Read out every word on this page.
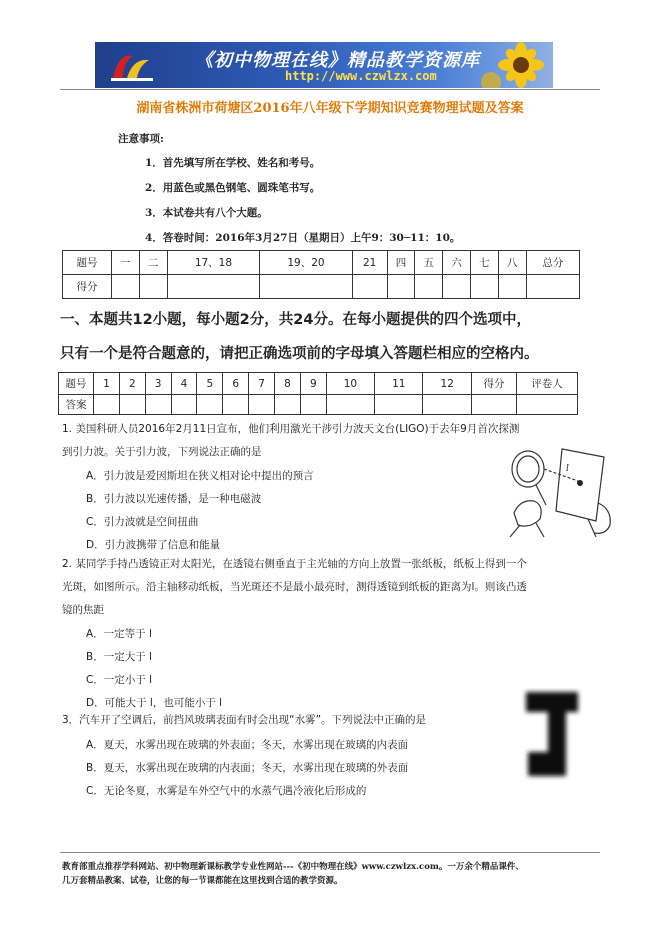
《初中物理在线》精品教学资源库
http://www.czwlzx.com
湖南省株洲市荷塘区2016年八年级下学期知识竞赛物理试题及答案
注意事项:
1．首先填写所在学校、姓名和考号。
2．用蓝色或黑色钢笔、圆珠笔书写。
3．本试卷共有八个大题。
4．答卷时间：2016年3月27日（星期日）上午9：30─11：10。
题号	一	二	17、18	19、20	21	四	五	六	七	八	总分
得分											
一、本题共12小题，每小题2分，共24分。在每小题提供的四个选项中，
只有一个是符合题意的，请把正确选项前的字母填入答题栏相应的空格内。
题号	1	2	3	4	5	6	7	8	9	10	11	12	得分	评卷人
答案														
1. 美国科研人员2016年2月11日宣布，他们利用激光干涉引力波天文台(LIGO)于去年9月首次探测
到引力波。关于引力波，下列说法正确的是
A．引力波是爱因斯坦在狭义相对论中提出的预言
B．引力波以光速传播，是一种电磁波
C．引力波就是空间扭曲
D．引力波携带了信息和能量
l
2. 某同学手持凸透镜正对太阳光，在透镜右侧垂直于主光轴的方向上放置一张纸板，纸板上得到一个
光斑，如图所示。沿主轴移动纸板，当光斑还不是最小最亮时，测得透镜到纸板的距离为l。则该凸透
镜的焦距
A．一定等于 l
B．一定大于 l
C．一定小于 l
D．可能大于 l，也可能小于 l
3．汽车开了空调后，前挡风玻璃表面有时会出现“水雾”。下列说法中正确的是
A．夏天，水雾出现在玻璃的外表面；冬天，水雾出现在玻璃的内表面
B．夏天，水雾出现在玻璃的内表面；冬天，水雾出现在玻璃的外表面
C．无论冬夏，水雾是车外空气中的水蒸气遇冷液化后形成的
教育部重点推荐学科网站、初中物理新课标教学专业性网站---《初中物理在线》www.czwlzx.com。一万余个精品课件、
几万套精品教案、试卷，让您的每一节课都能在这里找到合适的教学资源。
